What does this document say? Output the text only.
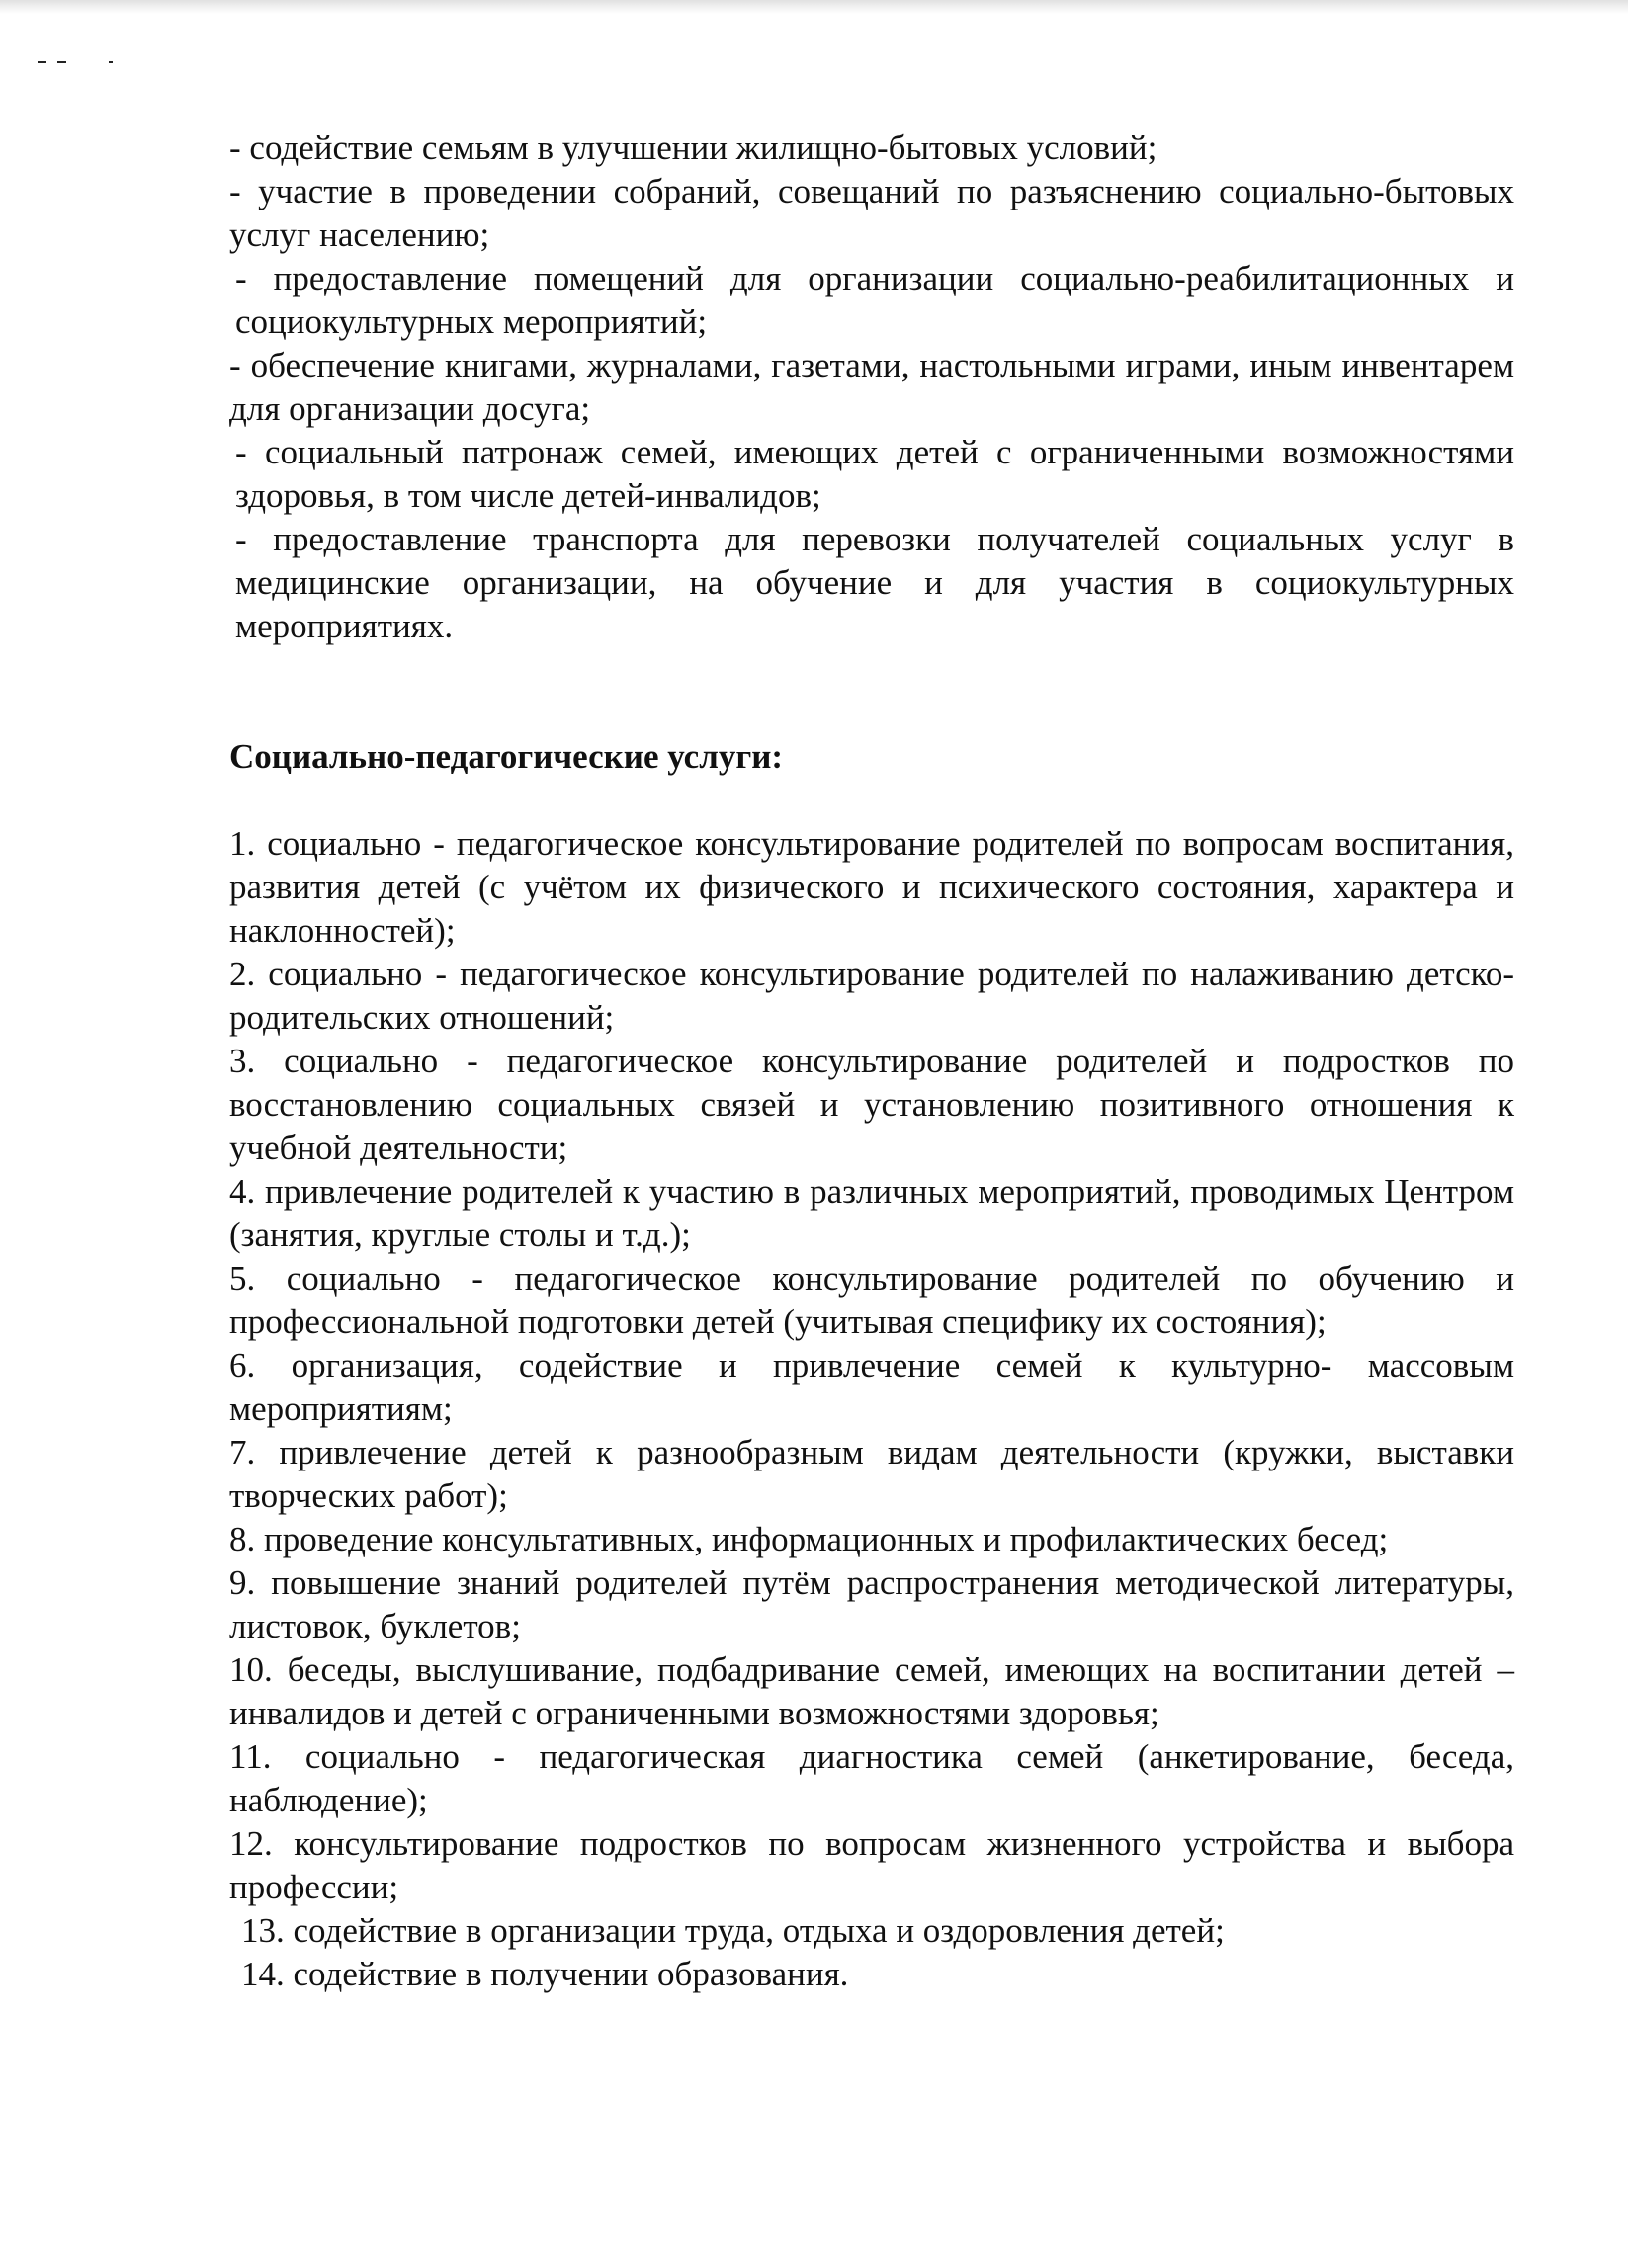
- содействие семьям в улучшении жилищно-бытовых условий;

- участие в проведении собраний, совещаний по разъяснению социально-бытовых услуг населению;

- предоставление помещений для организации социально-реабилитационных и социокультурных мероприятий;

- обеспечение книгами, журналами, газетами, настольными играми, иным инвентарем для организации досуга;

- социальный патронаж семей, имеющих детей с ограниченными возможностями здоровья, в том числе детей-инвалидов;

- предоставление транспорта для перевозки получателей социальных услуг в медицинские организации, на обучение и для участия в социокультурных мероприятиях.

Социально-педагогические услуги:

1. социально - педагогическое консультирование родителей по вопросам воспитания, развития детей (с учётом их физического и психического состояния, характера и наклонностей);

2. социально - педагогическое консультирование родителей по налаживанию детско-родительских отношений;

3. социально - педагогическое консультирование родителей и подростков по восстановлению социальных связей и установлению позитивного отношения к учебной деятельности;

4. привлечение родителей к участию в различных мероприятий, проводимых Центром (занятия, круглые столы и т.д.);

5. социально - педагогическое консультирование родителей по обучению и профессиональной подготовки детей (учитывая специфику их состояния);

6. организация, содействие и привлечение семей к культурно- массовым мероприятиям;

7. привлечение детей к разнообразным видам деятельности (кружки, выставки творческих работ);

8. проведение консультативных, информационных и профилактических бесед;

9. повышение знаний родителей путём распространения методической литературы, листовок, буклетов;

10. беседы, выслушивание, подбадривание семей, имеющих на воспитании детей – инвалидов и детей с ограниченными возможностями здоровья;

11. социально - педагогическая диагностика семей (анкетирование, беседа, наблюдение);

12. консультирование подростков по вопросам жизненного устройства и выбора профессии;

13. содействие в организации труда, отдыха и оздоровления детей;

14. содействие в получении образования.
